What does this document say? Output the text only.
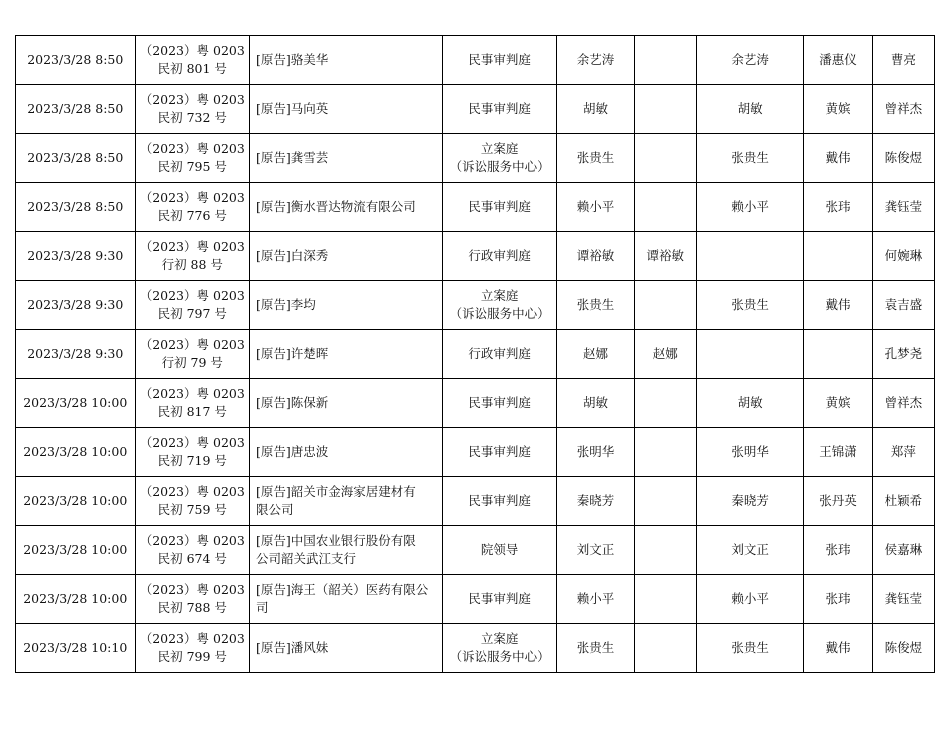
2023/3/28 8:50	（2023）粤 0203
民初 801 号	[原告]骆美华	民事审判庭	余艺涛		余艺涛	潘惠仪	曹亮
2023/3/28 8:50	（2023）粤 0203
民初 732 号	[原告]马向英	民事审判庭	胡敏		胡敏	黄嫔	曾祥杰
2023/3/28 8:50	（2023）粤 0203
民初 795 号	[原告]龚雪芸	立案庭
（诉讼服务中心）	张贵生		张贵生	戴伟	陈俊煜
2023/3/28 8:50	（2023）粤 0203
民初 776 号	[原告]衡水晋达物流有限公司	民事审判庭	赖小平		赖小平	张玮	龚钰莹
2023/3/28 9:30	（2023）粤 0203
行初 88 号	[原告]白深秀	行政审判庭	谭裕敏	谭裕敏			何婉琳
2023/3/28 9:30	（2023）粤 0203
民初 797 号	[原告]李均	立案庭
（诉讼服务中心）	张贵生		张贵生	戴伟	袁吉盛
2023/3/28 9:30	（2023）粤 0203
行初 79 号	[原告]许楚晖	行政审判庭	赵娜	赵娜			孔梦尧
2023/3/28 10:00	（2023）粤 0203
民初 817 号	[原告]陈保新	民事审判庭	胡敏		胡敏	黄嫔	曾祥杰
2023/3/28 10:00	（2023）粤 0203
民初 719 号	[原告]唐忠波	民事审判庭	张明华		张明华	王锦潇	郑萍
2023/3/28 10:00	（2023）粤 0203
民初 759 号	[原告]韶关市金海家居建材有
限公司	民事审判庭	秦晓芳		秦晓芳	张丹英	杜颖希
2023/3/28 10:00	（2023）粤 0203
民初 674 号	[原告]中国农业银行股份有限
公司韶关武江支行	院领导	刘文正		刘文正	张玮	侯嘉琳
2023/3/28 10:00	（2023）粤 0203
民初 788 号	[原告]海王（韶关）医药有限公
司	民事审判庭	赖小平		赖小平	张玮	龚钰莹
2023/3/28 10:10	（2023）粤 0203
民初 799 号	[原告]潘风妹	立案庭
（诉讼服务中心）	张贵生		张贵生	戴伟	陈俊煜
